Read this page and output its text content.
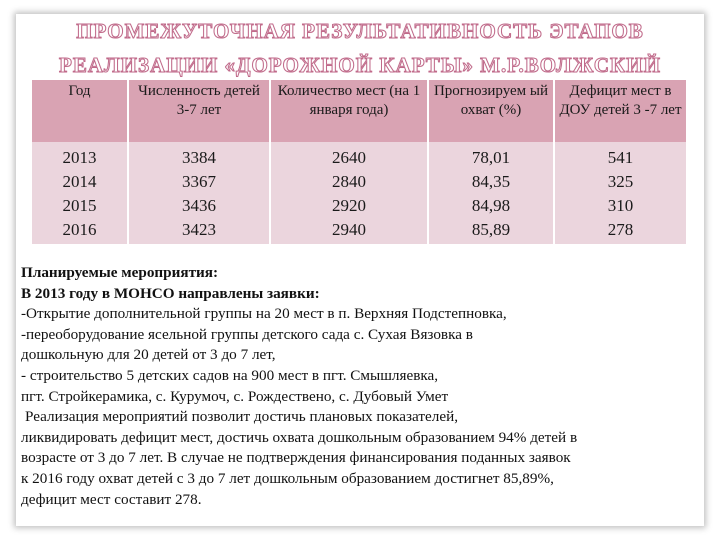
ПРОМЕЖУТОЧНАЯ РЕЗУЛЬТАТИВНОСТЬ ЭТАПОВ
РЕАЛИЗАЦИИ «ДОРОЖНОЙ КАРТЫ» М.Р.ВОЛЖСКИЙ
Год	Численность детей 3-7 лет	Количество мест (на 1 января года)	Прогнозируем ый охват (%)	Дефицит мест в ДОУ детей 3 -7 лет
2013	3384	2640	78,01	541
2014	3367	2840	84,35	325
2015	3436	2920	84,98	310
2016	3423	2940	85,89	278
Планируемые мероприятия:
В 2013 году в МОНСО направлены заявки:
-Открытие дополнительной группы на 20 мест в п. Верхняя Подстепновка,
-переоборудование ясельной группы детского сада с. Сухая Вязовка в
дошкольную для 20 детей от 3 до 7 лет,
- строительство 5 детских садов на 900 мест в пгт. Смышляевка,
пгт. Стройкерамика, с. Курумоч, с. Рождествено, с. Дубовый Умет
Реализация мероприятий позволит достичь плановых показателей,
ликвидировать дефицит мест, достичь охвата дошкольным образованием 94% детей в
возрасте от 3 до 7 лет. В случае не подтверждения финансирования поданных заявок
к 2016 году охват детей с 3 до 7 лет дошкольным образованием достигнет 85,89%,
дефицит мест составит 278.
